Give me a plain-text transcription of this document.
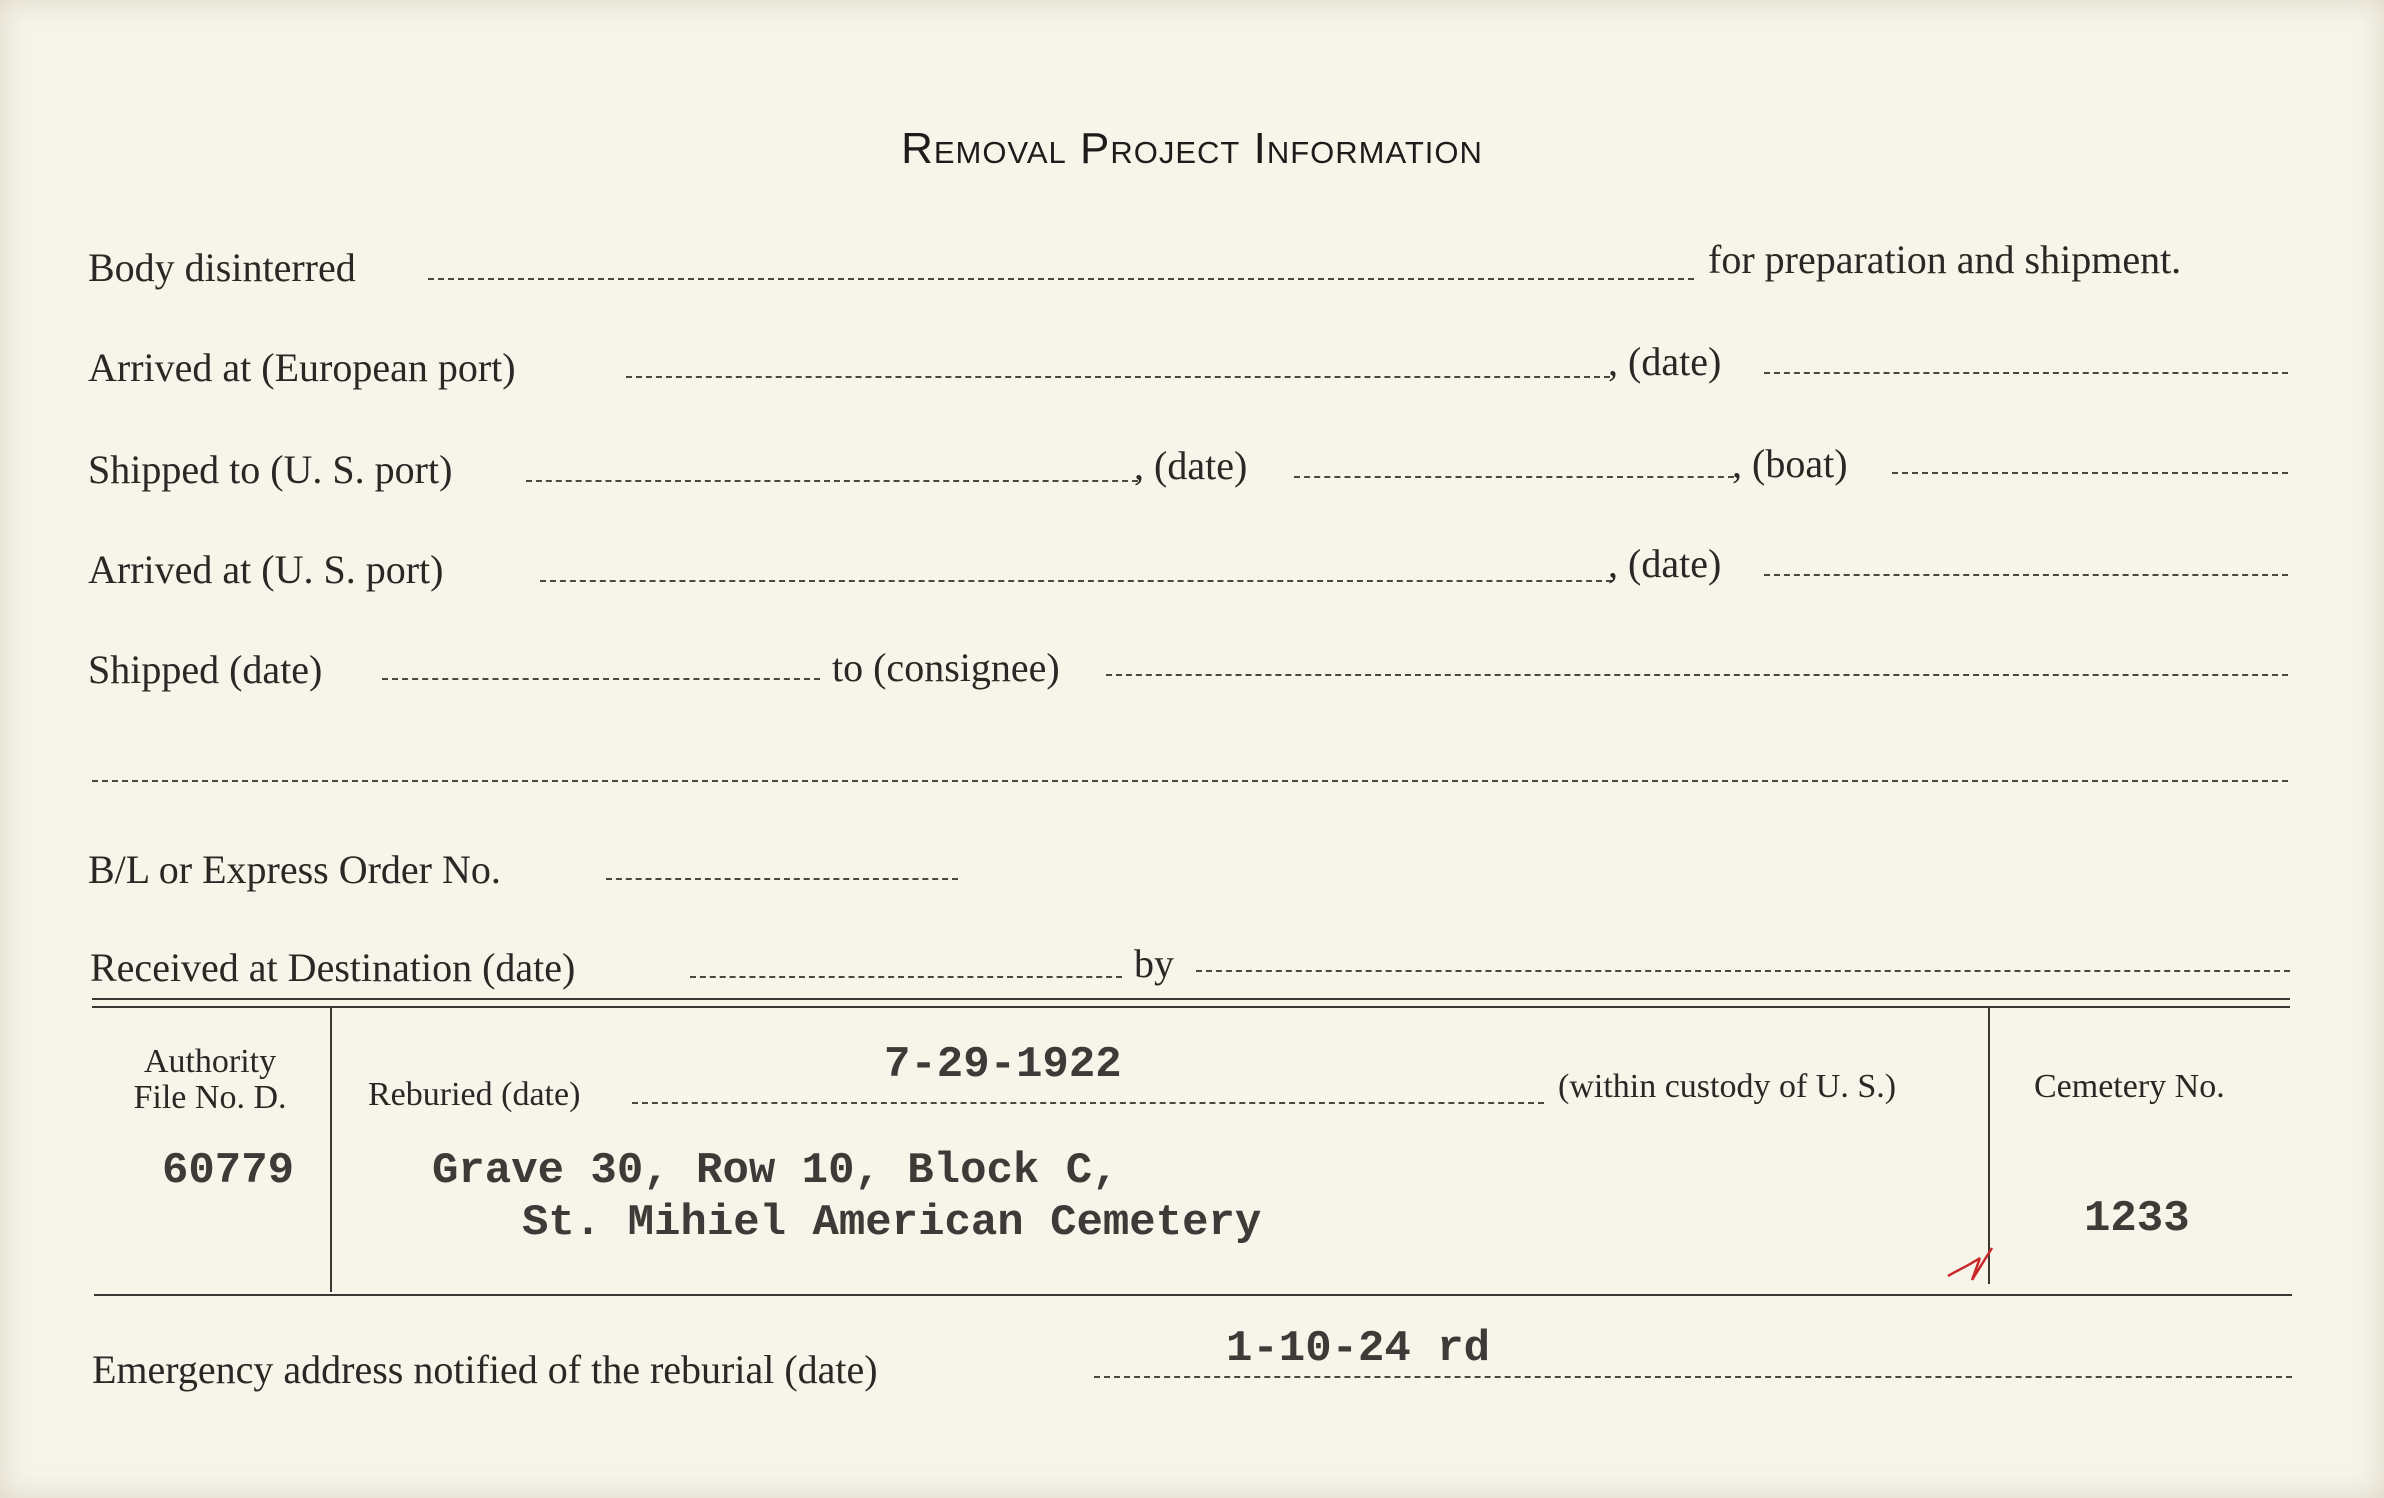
Removal Project Information
Body disinterred	for preparation and shipment.
Arrived at (European port)	, (date)
Shipped to (U. S. port)	, (date)	, (boat)
Arrived at (U. S. port)	, (date)
Shipped (date)	to (consignee)
B/L or Express Order No.
Received at Destination (date)	by
Authority
File No. D.
60779
Reburied (date)
7-29-1922	(within custody of U. S.)
Grave 30, Row 10, Block C,
St. Mihiel American Cemetery
Cemetery No.
1233
Emergency address notified of the reburial (date)	1-10-24 rd
